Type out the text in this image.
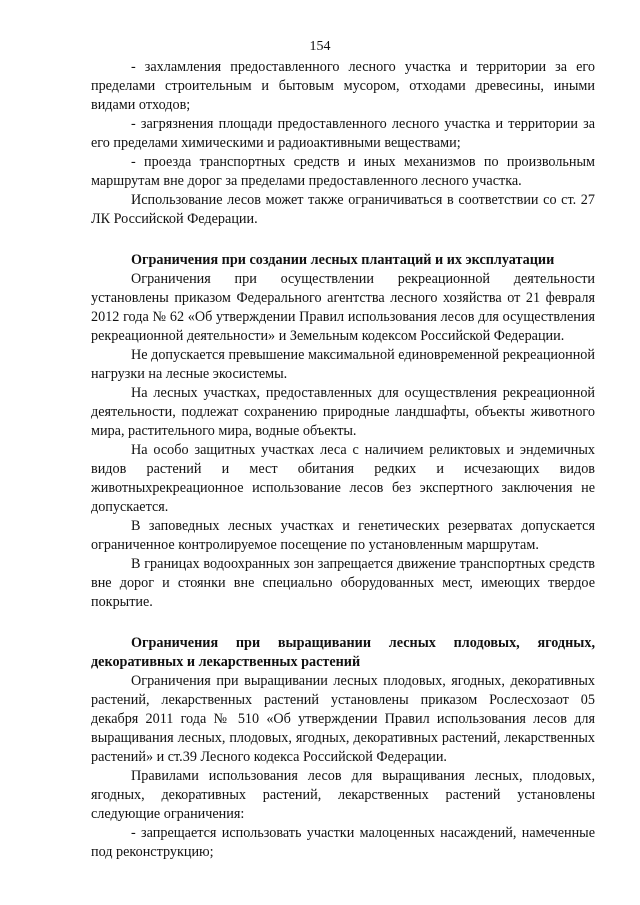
154

- захламления предоставленного лесного участка и территории за его пределами строительным и бытовым мусором, отходами древесины, иными видами отходов;

- загрязнения площади предоставленного лесного участка и территории за его пределами химическими и радиоактивными веществами;

- проезда транспортных средств и иных механизмов по произвольным маршрутам вне дорог за пределами предоставленного лесного участка.

Использование лесов может также ограничиваться в соответствии со ст. 27 ЛК Российской Федерации.

Ограничения при создании лесных плантаций и их эксплуатации

Ограничения при осуществлении рекреационной деятельности установлены приказом Федерального агентства лесного хозяйства от 21 февраля 2012 года № 62 «Об утверждении Правил использования лесов для осуществления рекреационной деятельности» и Земельным кодексом Российской Федерации.

Не допускается превышение максимальной единовременной рекреационной нагрузки на лесные экосистемы.

На лесных участках, предоставленных для осуществления рекреационной деятельности, подлежат сохранению природные ландшафты, объекты животного мира, растительного мира, водные объекты.

На особо защитных участках леса с наличием реликтовых и эндемичных видов растений и мест обитания редких и исчезающих видов животныхрекреационное использование лесов без экспертного заключения не допускается.

В заповедных лесных участках и генетических резерватах допускается ограниченное контролируемое посещение по установленным маршрутам.

В границах водоохранных зон запрещается движение транспортных средств вне дорог и стоянки вне специально оборудованных мест, имеющих твердое покрытие.

Ограничения при выращивании лесных плодовых, ягодных, декоративных и лекарственных растений

Ограничения при выращивании лесных плодовых, ягодных, декоративных растений, лекарственных растений установлены приказом Рослесхозаот 05 декабря 2011 года № 510 «Об утверждении Правил использования лесов для выращивания лесных, плодовых, ягодных, декоративных растений, лекарственных растений» и ст.39 Лесного кодекса Российской Федерации.

Правилами использования лесов для выращивания лесных, плодовых, ягодных, декоративных растений, лекарственных растений установлены следующие ограничения:

- запрещается использовать участки малоценных насаждений, намеченные под реконструкцию;
